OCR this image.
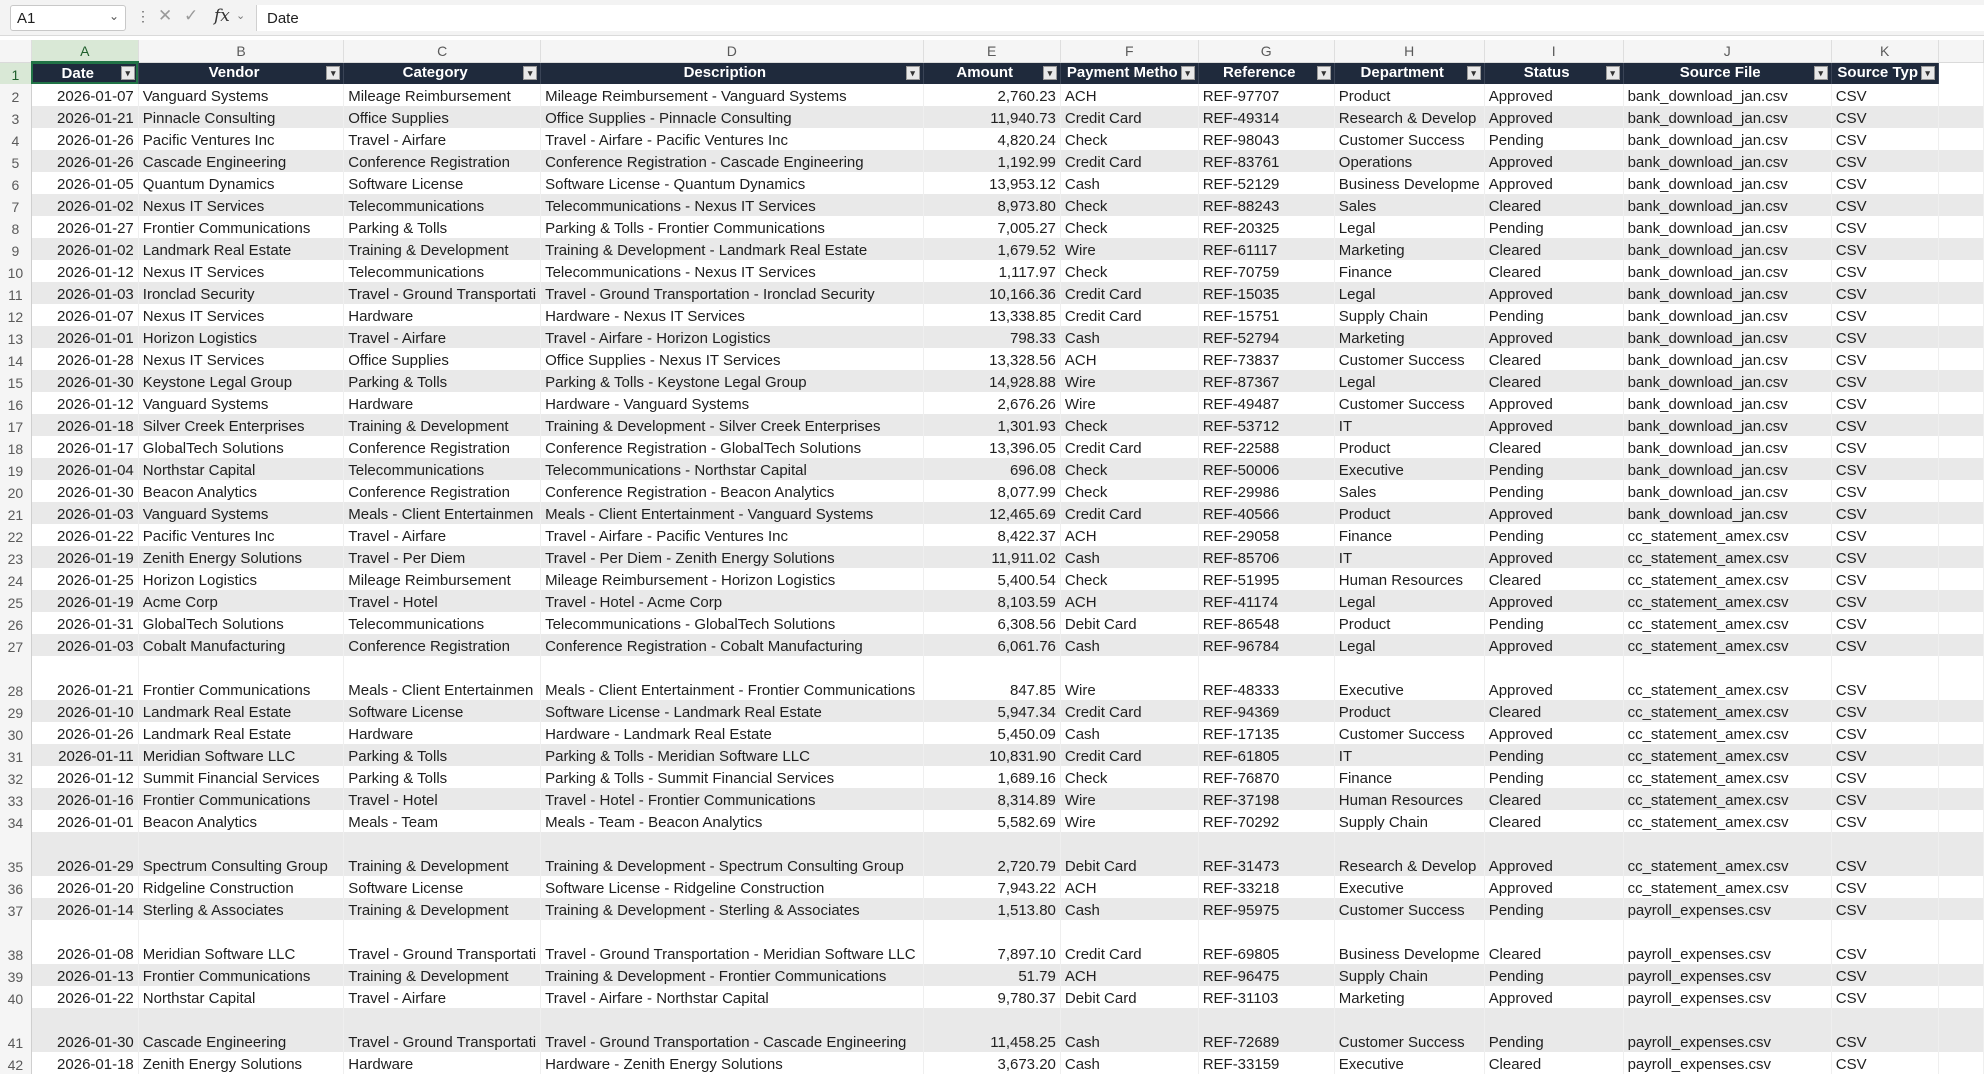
A1	⌄ ⋮ ✕ ✓ fx ⌄ Date
	A	B	C	D	E	F	G	H	I	J	K	
1	Date ▾	Vendor ▾	Category ▾	Description ▾	Amount ▾	Payment Metho ▾	Reference ▾	Department ▾	Status ▾	Source File ▾	Source Typ ▾	

2	2026-01-07	Vanguard Systems	Mileage Reimbursement	Mileage Reimbursement - Vanguard Systems	2,760.23	ACH	REF-97707	Product	Approved	bank_download_jan.csv	CSV	
3	2026-01-21	Pinnacle Consulting	Office Supplies	Office Supplies - Pinnacle Consulting	11,940.73	Credit Card	REF-49314	Research & Develop	Approved	bank_download_jan.csv	CSV	
4	2026-01-26	Pacific Ventures Inc	Travel - Airfare	Travel - Airfare - Pacific Ventures Inc	4,820.24	Check	REF-98043	Customer Success	Pending	bank_download_jan.csv	CSV	
5	2026-01-26	Cascade Engineering	Conference Registration	Conference Registration - Cascade Engineering	1,192.99	Credit Card	REF-83761	Operations	Approved	bank_download_jan.csv	CSV	
6	2026-01-05	Quantum Dynamics	Software License	Software License - Quantum Dynamics	13,953.12	Cash	REF-52129	Business Developme	Approved	bank_download_jan.csv	CSV	
7	2026-01-02	Nexus IT Services	Telecommunications	Telecommunications - Nexus IT Services	8,973.80	Check	REF-88243	Sales	Cleared	bank_download_jan.csv	CSV	
8	2026-01-27	Frontier Communications	Parking & Tolls	Parking & Tolls - Frontier Communications	7,005.27	Check	REF-20325	Legal	Pending	bank_download_jan.csv	CSV	
9	2026-01-02	Landmark Real Estate	Training & Development	Training & Development - Landmark Real Estate	1,679.52	Wire	REF-61117	Marketing	Cleared	bank_download_jan.csv	CSV	
10	2026-01-12	Nexus IT Services	Telecommunications	Telecommunications - Nexus IT Services	1,117.97	Check	REF-70759	Finance	Cleared	bank_download_jan.csv	CSV	
11	2026-01-03	Ironclad Security	Travel - Ground Transportati	Travel - Ground Transportation - Ironclad Security	10,166.36	Credit Card	REF-15035	Legal	Approved	bank_download_jan.csv	CSV	
12	2026-01-07	Nexus IT Services	Hardware	Hardware - Nexus IT Services	13,338.85	Credit Card	REF-15751	Supply Chain	Pending	bank_download_jan.csv	CSV	
13	2026-01-01	Horizon Logistics	Travel - Airfare	Travel - Airfare - Horizon Logistics	798.33	Cash	REF-52794	Marketing	Approved	bank_download_jan.csv	CSV	
14	2026-01-28	Nexus IT Services	Office Supplies	Office Supplies - Nexus IT Services	13,328.56	ACH	REF-73837	Customer Success	Cleared	bank_download_jan.csv	CSV	
15	2026-01-30	Keystone Legal Group	Parking & Tolls	Parking & Tolls - Keystone Legal Group	14,928.88	Wire	REF-87367	Legal	Cleared	bank_download_jan.csv	CSV	
16	2026-01-12	Vanguard Systems	Hardware	Hardware - Vanguard Systems	2,676.26	Wire	REF-49487	Customer Success	Approved	bank_download_jan.csv	CSV	
17	2026-01-18	Silver Creek Enterprises	Training & Development	Training & Development - Silver Creek Enterprises	1,301.93	Check	REF-53712	IT	Approved	bank_download_jan.csv	CSV	
18	2026-01-17	GlobalTech Solutions	Conference Registration	Conference Registration - GlobalTech Solutions	13,396.05	Credit Card	REF-22588	Product	Cleared	bank_download_jan.csv	CSV	
19	2026-01-04	Northstar Capital	Telecommunications	Telecommunications - Northstar Capital	696.08	Check	REF-50006	Executive	Pending	bank_download_jan.csv	CSV	
20	2026-01-30	Beacon Analytics	Conference Registration	Conference Registration - Beacon Analytics	8,077.99	Check	REF-29986	Sales	Pending	bank_download_jan.csv	CSV	
21	2026-01-03	Vanguard Systems	Meals - Client Entertainmen	Meals - Client Entertainment - Vanguard Systems	12,465.69	Credit Card	REF-40566	Product	Approved	bank_download_jan.csv	CSV	
22	2026-01-22	Pacific Ventures Inc	Travel - Airfare	Travel - Airfare - Pacific Ventures Inc	8,422.37	ACH	REF-29058	Finance	Pending	cc_statement_amex.csv	CSV	
23	2026-01-19	Zenith Energy Solutions	Travel - Per Diem	Travel - Per Diem - Zenith Energy Solutions	11,911.02	Cash	REF-85706	IT	Approved	cc_statement_amex.csv	CSV	
24	2026-01-25	Horizon Logistics	Mileage Reimbursement	Mileage Reimbursement - Horizon Logistics	5,400.54	Check	REF-51995	Human Resources	Cleared	cc_statement_amex.csv	CSV	
25	2026-01-19	Acme Corp	Travel - Hotel	Travel - Hotel - Acme Corp	8,103.59	ACH	REF-41174	Legal	Approved	cc_statement_amex.csv	CSV	
26	2026-01-31	GlobalTech Solutions	Telecommunications	Telecommunications - GlobalTech Solutions	6,308.56	Debit Card	REF-86548	Product	Pending	cc_statement_amex.csv	CSV	
27	2026-01-03	Cobalt Manufacturing	Conference Registration	Conference Registration - Cobalt Manufacturing	6,061.76	Cash	REF-96784	Legal	Approved	cc_statement_amex.csv	CSV	
28	2026-01-21	Frontier Communications	Meals - Client Entertainmen	Meals - Client Entertainment - Frontier Communications	847.85	Wire	REF-48333	Executive	Approved	cc_statement_amex.csv	CSV	
29	2026-01-10	Landmark Real Estate	Software License	Software License - Landmark Real Estate	5,947.34	Credit Card	REF-94369	Product	Cleared	cc_statement_amex.csv	CSV	
30	2026-01-26	Landmark Real Estate	Hardware	Hardware - Landmark Real Estate	5,450.09	Cash	REF-17135	Customer Success	Approved	cc_statement_amex.csv	CSV	
31	2026-01-11	Meridian Software LLC	Parking & Tolls	Parking & Tolls - Meridian Software LLC	10,831.90	Credit Card	REF-61805	IT	Pending	cc_statement_amex.csv	CSV	
32	2026-01-12	Summit Financial Services	Parking & Tolls	Parking & Tolls - Summit Financial Services	1,689.16	Check	REF-76870	Finance	Pending	cc_statement_amex.csv	CSV	
33	2026-01-16	Frontier Communications	Travel - Hotel	Travel - Hotel - Frontier Communications	8,314.89	Wire	REF-37198	Human Resources	Cleared	cc_statement_amex.csv	CSV	
34	2026-01-01	Beacon Analytics	Meals - Team	Meals - Team - Beacon Analytics	5,582.69	Wire	REF-70292	Supply Chain	Cleared	cc_statement_amex.csv	CSV	
35	2026-01-29	Spectrum Consulting Group	Training & Development	Training & Development - Spectrum Consulting Group	2,720.79	Debit Card	REF-31473	Research & Develop	Approved	cc_statement_amex.csv	CSV	
36	2026-01-20	Ridgeline Construction	Software License	Software License - Ridgeline Construction	7,943.22	ACH	REF-33218	Executive	Approved	cc_statement_amex.csv	CSV	
37	2026-01-14	Sterling & Associates	Training & Development	Training & Development - Sterling & Associates	1,513.80	Cash	REF-95975	Customer Success	Pending	payroll_expenses.csv	CSV	
38	2026-01-08	Meridian Software LLC	Travel - Ground Transportati	Travel - Ground Transportation - Meridian Software LLC	7,897.10	Credit Card	REF-69805	Business Developme	Cleared	payroll_expenses.csv	CSV	
39	2026-01-13	Frontier Communications	Training & Development	Training & Development - Frontier Communications	51.79	ACH	REF-96475	Supply Chain	Pending	payroll_expenses.csv	CSV	
40	2026-01-22	Northstar Capital	Travel - Airfare	Travel - Airfare - Northstar Capital	9,780.37	Debit Card	REF-31103	Marketing	Approved	payroll_expenses.csv	CSV	
41	2026-01-30	Cascade Engineering	Travel - Ground Transportati	Travel - Ground Transportation - Cascade Engineering	11,458.25	Cash	REF-72689	Customer Success	Pending	payroll_expenses.csv	CSV	
42	2026-01-18	Zenith Energy Solutions	Hardware	Hardware - Zenith Energy Solutions	3,673.20	Cash	REF-33159	Executive	Cleared	payroll_expenses.csv	CSV	
